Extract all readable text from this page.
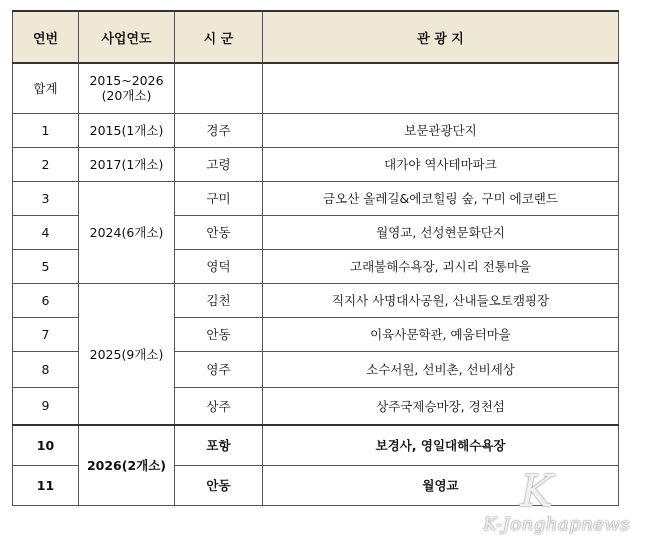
연번	사업연도	시 군	관 광 지
합계	2015~2026
(20개소)		

1	2015(1개소)	경주	보문관광단지
2	2017(1개소)	고령	대가야 역사테마파크
3	2024(6개소)	구미	금오산 올레길&에코힐링 숲, 구미 에코랜드
4		안동	월영교, 선성현문화단지
5		영덕	고래불해수욕장, 괴시리 전통마을
6	2025(9개소)	김천	직지사 사명대사공원, 산내들오토캠핑장
7		안동	이육사문학관, 예움터마을
8		영주	소수서원, 선비촌, 선비세상
9		상주	상주국제승마장, 경천섬
10	2026(2개소)	포항	보경사, 영일대해수욕장
11		안동	월영교	K
K-Jonghapnews
